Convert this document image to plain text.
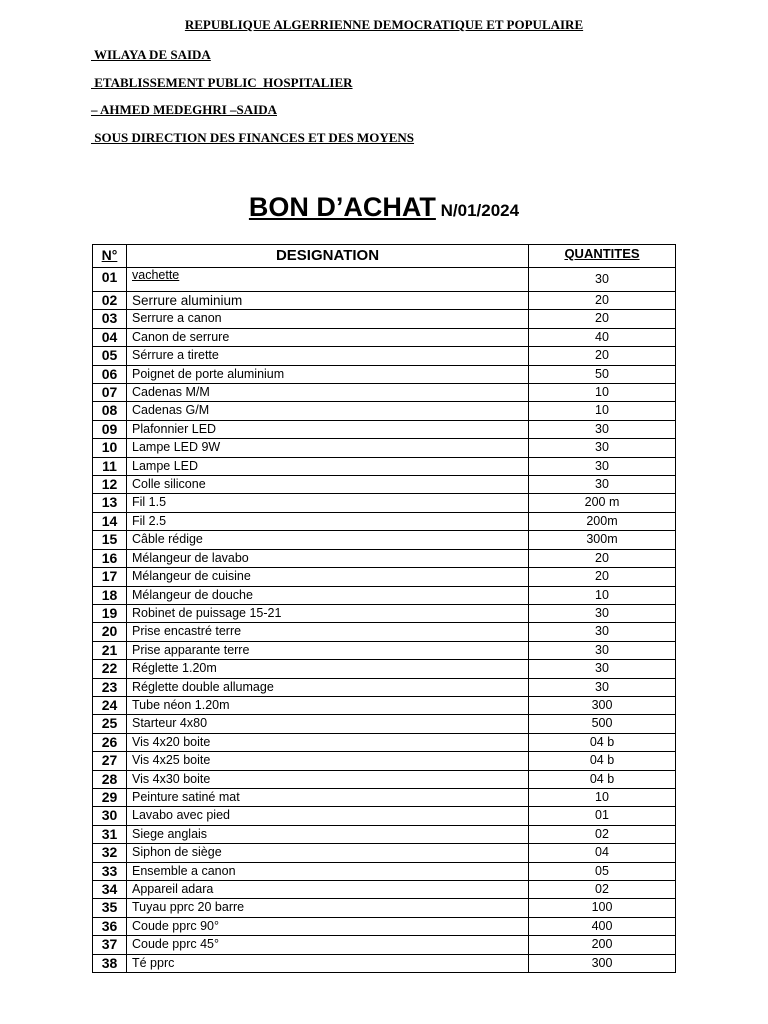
REPUBLIQUE ALGERRIENNE DEMOCRATIQUE ET POPULAIRE
WILAYA DE SAIDA
ETABLISSEMENT PUBLIC  HOSPITALIER
– AHMED MEDEGHRI –SAIDA
SOUS DIRECTION DES FINANCES ET DES MOYENS
BON D’ACHAT N/01/2024
N°	DESIGNATION	QUANTITES
01	vachette	30
02	Serrure aluminium	20
03	Serrure a canon	20
04	Canon de serrure	40
05	Sérrure a tirette	20
06	Poignet de porte aluminium	50
07	Cadenas M/M	10
08	Cadenas G/M	10
09	Plafonnier LED	30
10	Lampe LED 9W	30
11	Lampe LED	30
12	Colle silicone	30
13	Fil 1.5	200 m
14	Fil 2.5	200m
15	Câble rédige	300m
16	Mélangeur de lavabo	20
17	Mélangeur de cuisine	20
18	Mélangeur de douche	10
19	Robinet de puissage 15-21	30
20	Prise encastré terre	30
21	Prise apparante terre	30
22	Réglette 1.20m	30
23	Réglette double allumage	30
24	Tube néon 1.20m	300
25	Starteur 4x80	500
26	Vis 4x20 boite	04 b
27	Vis 4x25 boite	04 b
28	Vis 4x30 boite	04 b
29	Peinture satiné mat	10
30	Lavabo avec pied	01
31	Siege anglais	02
32	Siphon de siège	04
33	Ensemble a canon	05
34	Appareil adara	02
35	Tuyau pprc 20 barre	100
36	Coude pprc 90°	400
37	Coude pprc 45°	200
38	Té pprc	300
